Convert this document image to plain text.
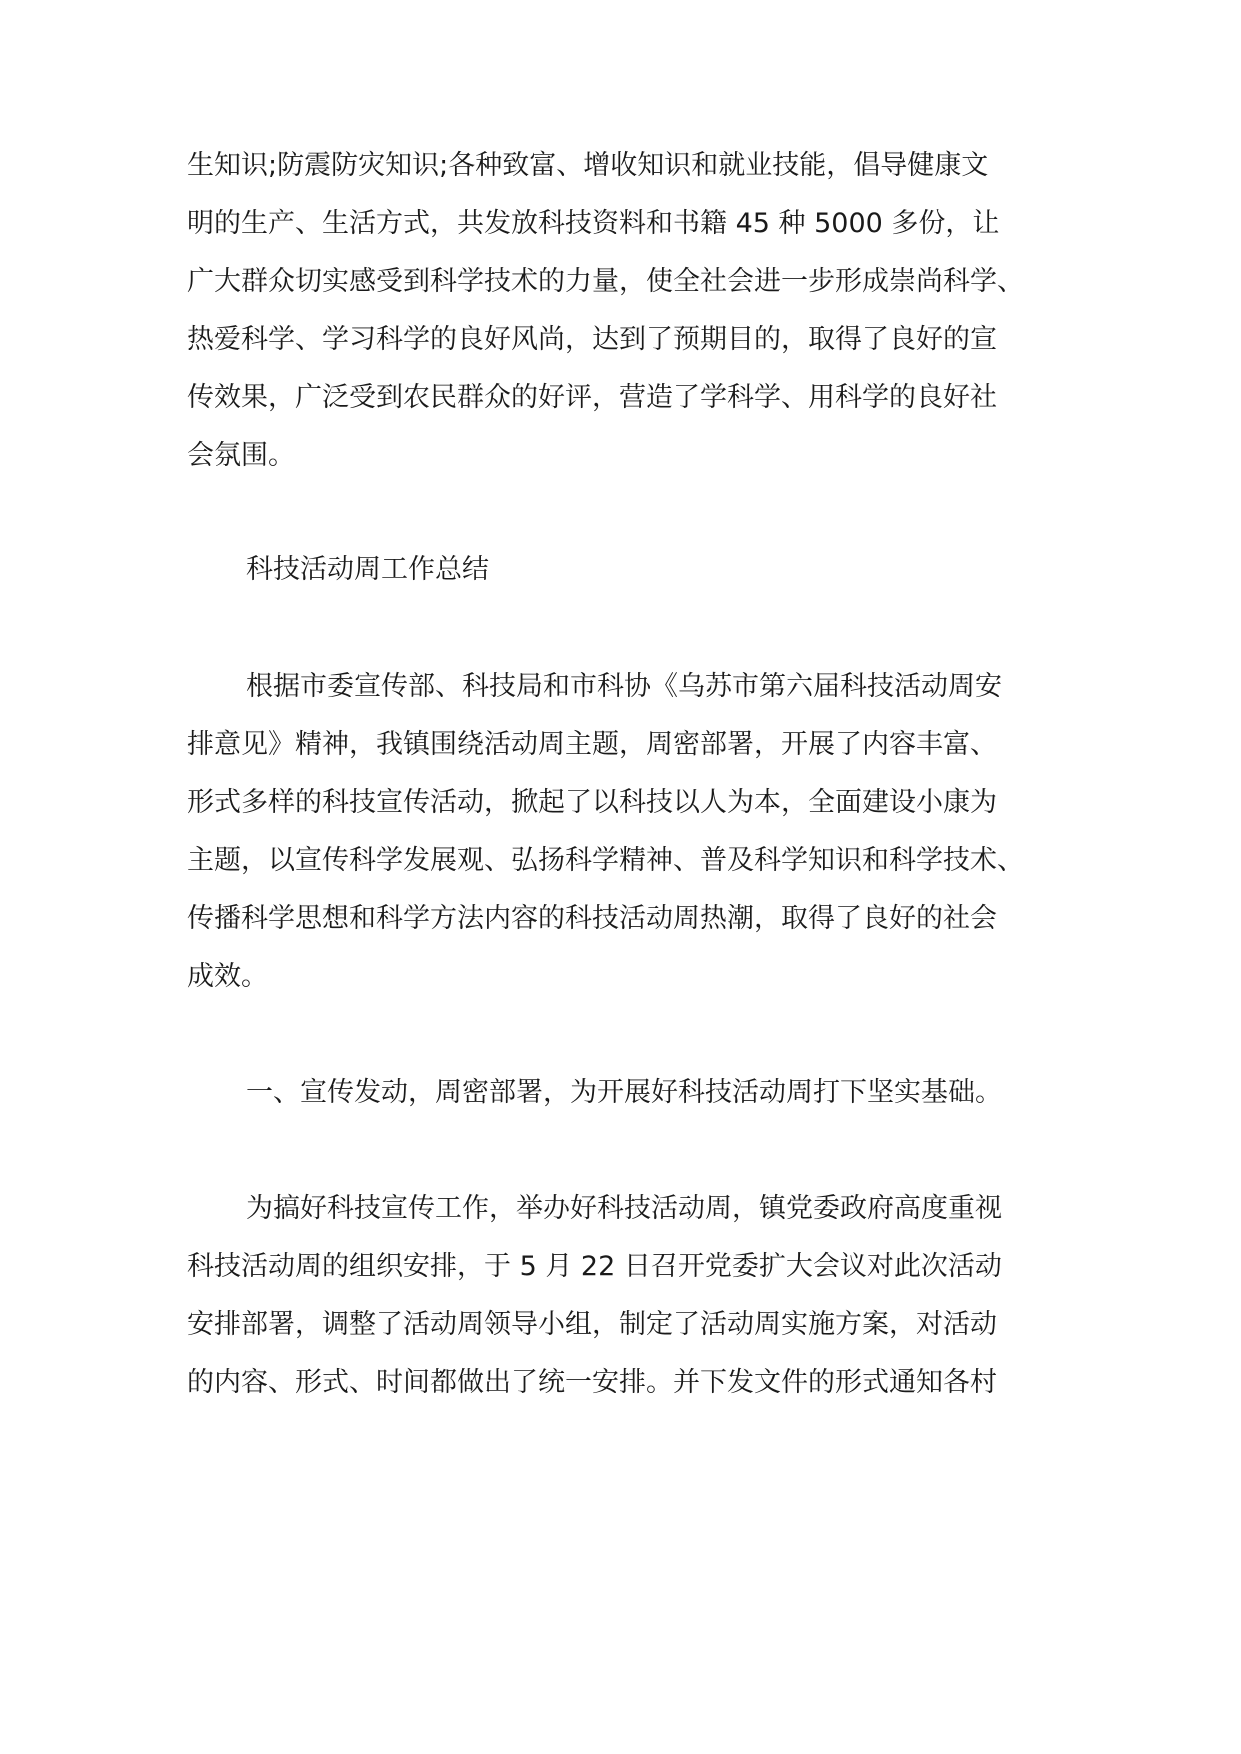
生知识;防震防灾知识;各种致富、增收知识和就业技能，倡导健康文
明的生产、生活方式，共发放科技资料和书籍 45 种 5000 多份，让
广大群众切实感受到科学技术的力量，使全社会进一步形成崇尚科学、
热爱科学、学习科学的良好风尚，达到了预期目的，取得了良好的宣
传效果，广泛受到农民群众的好评，营造了学科学、用科学的良好社
会氛围。
科技活动周工作总结
根据市委宣传部、科技局和市科协《乌苏市第六届科技活动周安
排意见》精神，我镇围绕活动周主题，周密部署，开展了内容丰富、
形式多样的科技宣传活动，掀起了以科技以人为本，全面建设小康为
主题，以宣传科学发展观、弘扬科学精神、普及科学知识和科学技术、
传播科学思想和科学方法内容的科技活动周热潮，取得了良好的社会
成效。
一、宣传发动，周密部署，为开展好科技活动周打下坚实基础。
为搞好科技宣传工作，举办好科技活动周，镇党委政府高度重视
科技活动周的组织安排，于 5 月 22 日召开党委扩大会议对此次活动
安排部署，调整了活动周领导小组，制定了活动周实施方案，对活动
的内容、形式、时间都做出了统一安排。并下发文件的形式通知各村
